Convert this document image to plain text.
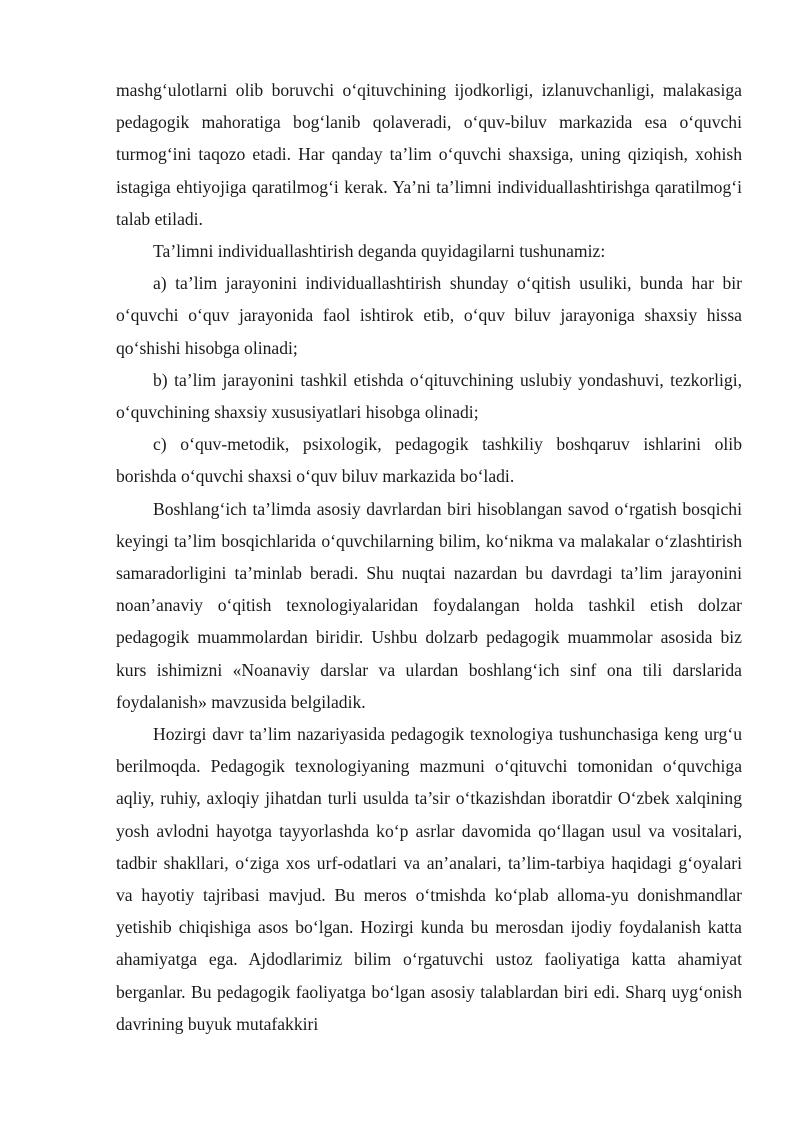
mashg‘ulotlarni olib boruvchi o‘qituvchining ijodkorligi, izlanuvchanligi, malakasiga pedagogik mahoratiga bog‘lanib qolaveradi, o‘quv-biluv markazida esa o‘quvchi turmog‘ini taqozo etadi. Har qanday ta’lim o‘quvchi shaxsiga, uning qiziqish, xohish istagiga ehtiyojiga qaratilmog‘i kerak. Ya’ni ta’limni individuallashtirishga qaratilmog‘i talab etiladi.

Ta’limni individuallashtirish deganda quyidagilarni tushunamiz:

a) ta’lim jarayonini individuallashtirish shunday o‘qitish usuliki, bunda har bir o‘quvchi o‘quv jarayonida faol ishtirok etib, o‘quv biluv jarayoniga shaxsiy hissa qo‘shishi hisobga olinadi;

b) ta’lim jarayonini tashkil etishda o‘qituvchining uslubiy yondashuvi, tezkorligi, o‘quvchining shaxsiy xususiyatlari hisobga olinadi;

c) o‘quv-metodik, psixologik, pedagogik tashkiliy boshqaruv ishlarini olib borishda o‘quvchi shaxsi o‘quv biluv markazida bo‘ladi.

Boshlang‘ich ta’limda asosiy davrlardan biri hisoblangan savod o‘rgatish bosqichi keyingi ta’lim bosqichlarida o‘quvchilarning bilim, ko‘nikma va malakalar o‘zlashtirish samaradorligini ta’minlab beradi. Shu nuqtai nazardan bu davrdagi ta’lim jarayonini noan’anaviy o‘qitish texnologiyalaridan foydalangan holda tashkil etish dolzar pedagogik muammolardan biridir. Ushbu dolzarb pedagogik muammolar asosida biz kurs ishimizni «Noanaviy darslar va ulardan boshlang‘ich sinf ona tili darslarida foydalanish» mavzusida belgiladik.

Hozirgi davr ta’lim nazariyasida pedagogik texnologiya tushunchasiga keng urg‘u berilmoqda. Pedagogik texnologiyaning mazmuni o‘qituvchi tomonidan o‘quvchiga aqliy, ruhiy, axloqiy jihatdan turli usulda ta’sir o‘tkazishdan iboratdir O‘zbek xalqining yosh avlodni hayotga tayyorlashda ko‘p asrlar davomida qo‘llagan usul va vositalari, tadbir shakllari, o‘ziga xos urf-odatlari va an’analari, ta’lim-tarbiya haqidagi g‘oyalari va hayotiy tajribasi mavjud. Bu meros o‘tmishda ko‘plab alloma-yu donishmandlar yetishib chiqishiga asos bo‘lgan. Hozirgi kunda bu merosdan ijodiy foydalanish katta ahamiyatga ega. Ajdodlarimiz bilim o‘rgatuvchi ustoz faoliyatiga katta ahamiyat berganlar. Bu pedagogik faoliyatga bo‘lgan asosiy talablardan biri edi. Sharq uyg‘onish davrining buyuk mutafakkiri
